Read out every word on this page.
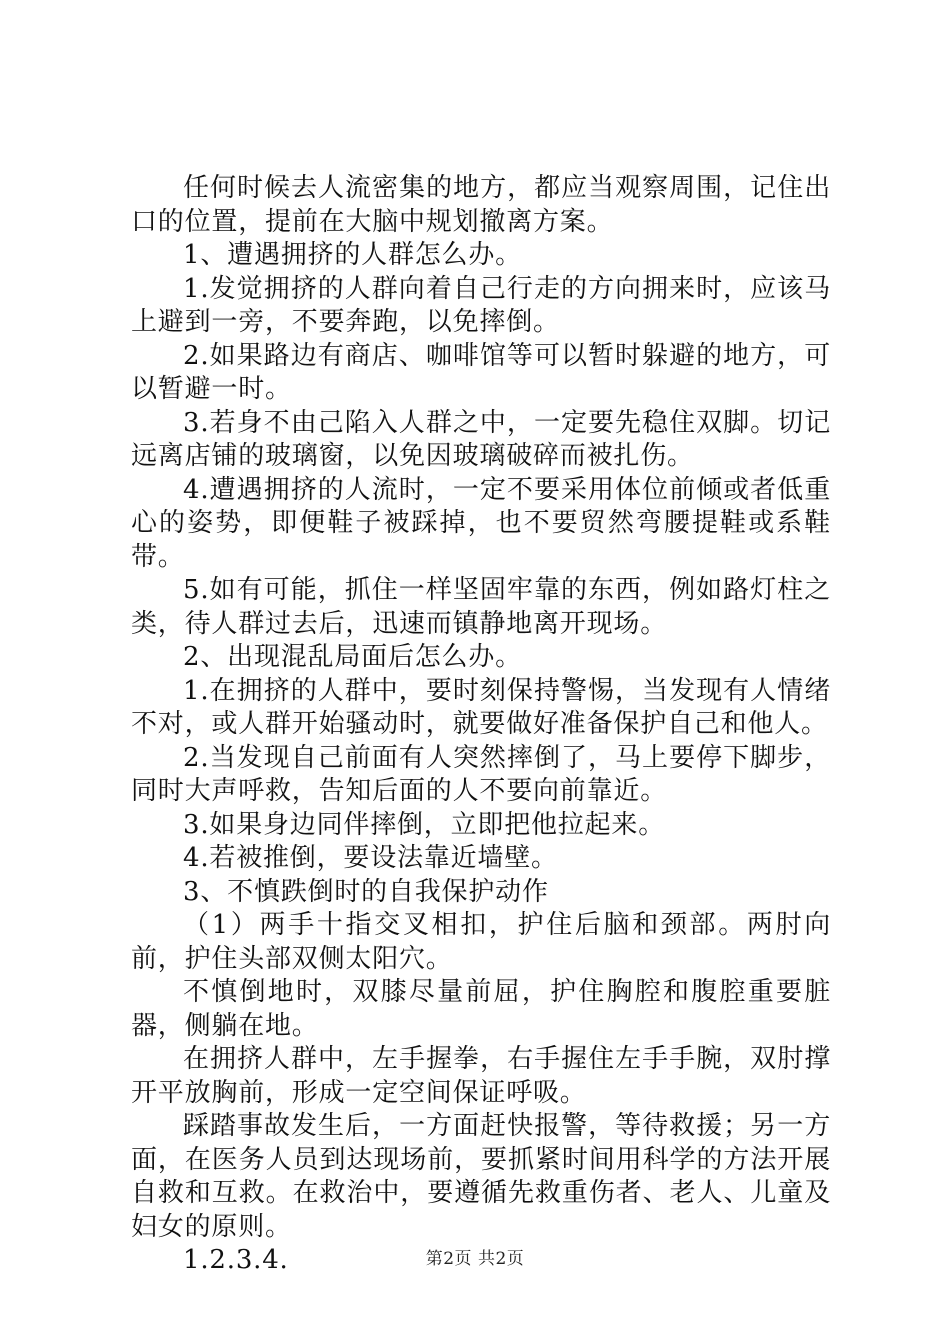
任何时候去人流密集的地方，都应当观察周围，记住出口的位置，提前在大脑中规划撤离方案。

1、遭遇拥挤的人群怎么办。

1.发觉拥挤的人群向着自己行走的方向拥来时，应该马上避到一旁，不要奔跑，以免摔倒。

2.如果路边有商店、咖啡馆等可以暂时躲避的地方，可以暂避一时。

3.若身不由己陷入人群之中，一定要先稳住双脚。切记远离店铺的玻璃窗，以免因玻璃破碎而被扎伤。

4.遭遇拥挤的人流时，一定不要采用体位前倾或者低重心的姿势，即便鞋子被踩掉，也不要贸然弯腰提鞋或系鞋带。

5.如有可能，抓住一样坚固牢靠的东西，例如路灯柱之类，待人群过去后，迅速而镇静地离开现场。

2、出现混乱局面后怎么办。

1.在拥挤的人群中，要时刻保持警惕，当发现有人情绪不对，或人群开始骚动时，就要做好准备保护自己和他人。

2.当发现自己前面有人突然摔倒了，马上要停下脚步，同时大声呼救，告知后面的人不要向前靠近。

3.如果身边同伴摔倒，立即把他拉起来。

4.若被推倒，要设法靠近墙壁。

3、不慎跌倒时的自我保护动作

（1）两手十指交叉相扣，护住后脑和颈部。两肘向前，护住头部双侧太阳穴。

不慎倒地时，双膝尽量前屈，护住胸腔和腹腔重要脏器，侧躺在地。

在拥挤人群中，左手握拳，右手握住左手手腕，双肘撑开平放胸前，形成一定空间保证呼吸。

踩踏事故发生后，一方面赶快报警，等待救援；另一方面，在医务人员到达现场前，要抓紧时间用科学的方法开展自救和互救。在救治中，要遵循先救重伤者、老人、儿童及妇女的原则。

1.2.3.4.	第2页 共2页
